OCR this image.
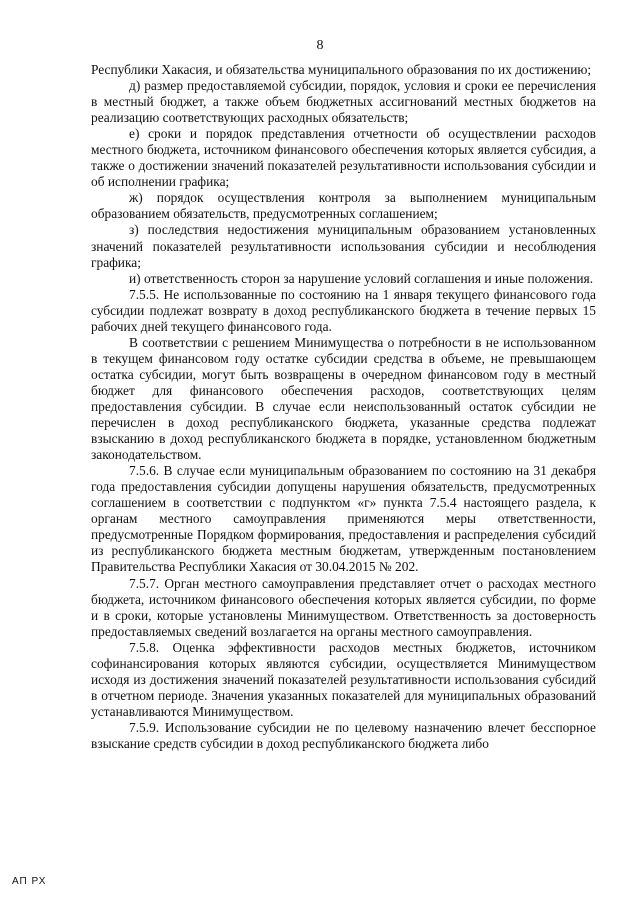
8

Республики Хакасия, и обязательства муниципального образования по их достижению;

д) размер предоставляемой субсидии, порядок, условия и сроки ее перечисления в местный бюджет, а также объем бюджетных ассигнований местных бюджетов на реализацию соответствующих расходных обязательств;

е) сроки и порядок представления отчетности об осуществлении расходов местного бюджета, источником финансового обеспечения которых является субсидия, а также о достижении значений показателей результативности использования субсидии и об исполнении графика;

ж) порядок осуществления контроля за выполнением муниципальным образованием обязательств, предусмотренных соглашением;

з) последствия недостижения муниципальным образованием установленных значений показателей результативности использования субсидии и несоблюдения графика;

и) ответственность сторон за нарушение условий соглашения и иные положения.

7.5.5. Не использованные по состоянию на 1 января текущего финансового года субсидии подлежат возврату в доход республиканского бюджета в течение первых 15 рабочих дней текущего финансового года.

В соответствии с решением Минимущества о потребности в не использованном в текущем финансовом году остатке субсидии средства в объеме, не превышающем остатка субсидии, могут быть возвращены в очередном финансовом году в местный бюджет для финансового обеспечения расходов, соответствующих целям предоставления субсидии. В случае если неиспользованный остаток субсидии не перечислен в доход республиканского бюджета, указанные средства подлежат взысканию в доход республиканского бюджета в порядке, установленном бюджетным законодательством.

7.5.6. В случае если муниципальным образованием по состоянию на 31 декабря года предоставления субсидии допущены нарушения обязательств, предусмотренных соглашением в соответствии с подпунктом «г» пункта 7.5.4 настоящего раздела, к органам местного самоуправления применяются меры ответственности, предусмотренные Порядком формирования, предоставления и распределения субсидий из республиканского бюджета местным бюджетам, утвержденным постановлением Правительства Республики Хакасия от 30.04.2015 № 202.

7.5.7. Орган местного самоуправления представляет отчет о расходах местного бюджета, источником финансового обеспечения которых является субсидии, по форме и в сроки, которые установлены Минимуществом. Ответственность за достоверность предоставляемых сведений возлагается на органы местного самоуправления.

7.5.8. Оценка эффективности расходов местных бюджетов, источником софинансирования которых являются субсидии, осуществляется Минимуществом исходя из достижения значений показателей результативности использования субсидий в отчетном периоде. Значения указанных показателей для муниципальных образований устанавливаются Минимуществом.

7.5.9. Использование субсидии не по целевому назначению влечет бесспорное взыскание средств субсидии в доход республиканского бюджета либо

АП РХ
